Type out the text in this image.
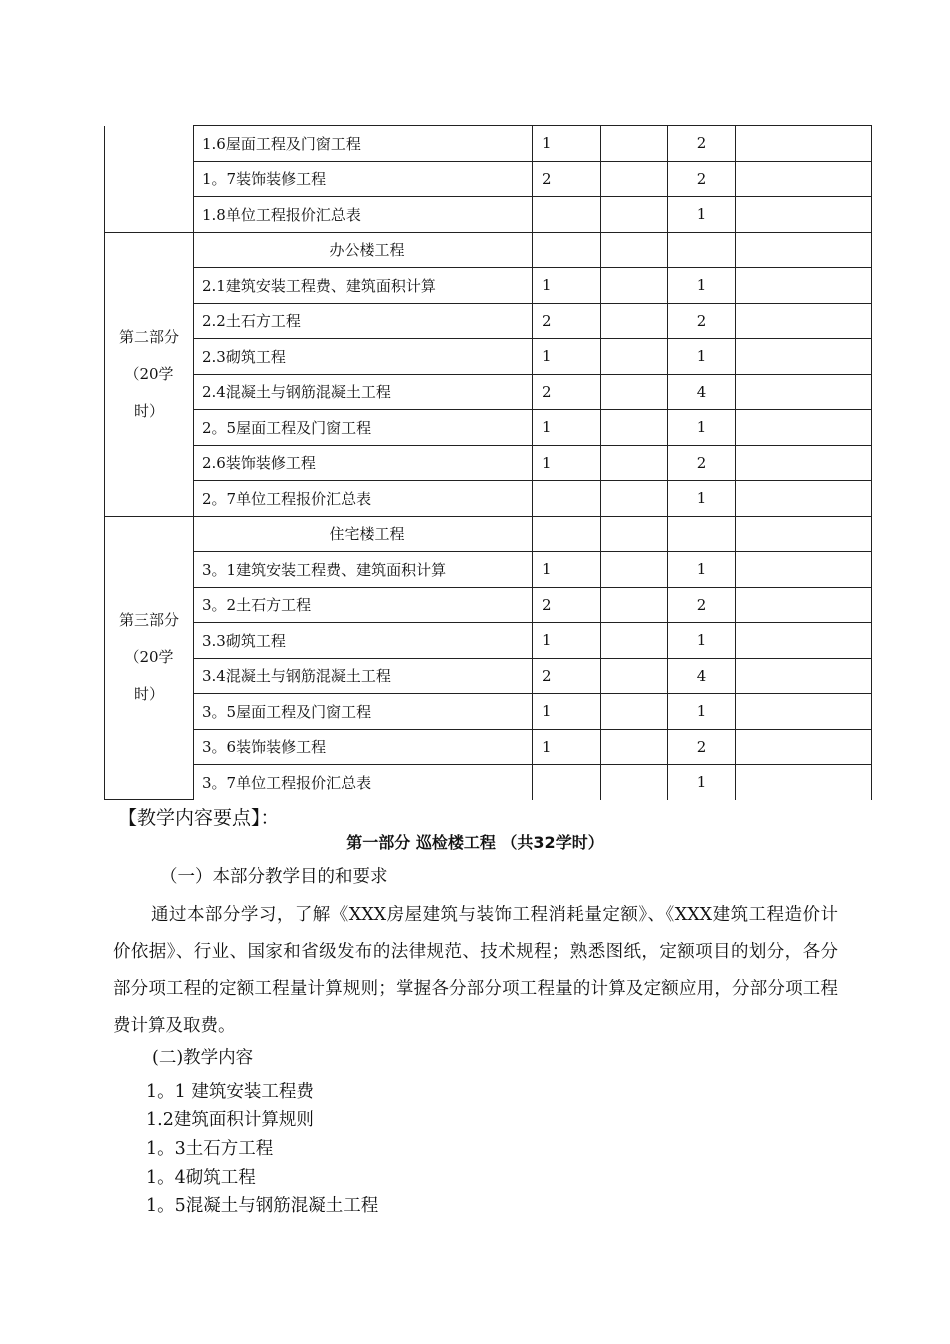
	1.6屋面工程及门窗工程	1		2	
	1。7装饰装修工程	2		2	
	1.8单位工程报价汇总表			1	

第二部分
（20学
时）	办公楼工程				
	2.1建筑安装工程费、建筑面积计算	1		1	
	2.2土石方工程	2		2	
	2.3砌筑工程	1		1	
	2.4混凝土与钢筋混凝土工程	2		4	
	2。5屋面工程及门窗工程	1		1	
	2.6装饰装修工程	1		2	
	2。7单位工程报价汇总表			1	

第三部分
（20学
时）	住宅楼工程				
	3。1建筑安装工程费、建筑面积计算	1		1	
	3。2土石方工程	2		2	
	3.3砌筑工程	1		1	
	3.4混凝土与钢筋混凝土工程	2		4	
	3。5屋面工程及门窗工程	1		1	
	3。6装饰装修工程	1		2	
	3。7单位工程报价汇总表			1	
【教学内容要点】：
第一部分 巡检楼工程 （共32学时）
（一）本部分教学目的和要求
通过本部分学习，了解《XXX房屋建筑与装饰工程消耗量定额》、《XXX建筑工程造价计价依据》、行业、国家和省级发布的法律规范、技术规程；熟悉图纸，定额项目的划分，各分部分项工程的定额工程量计算规则；掌握各分部分项工程量的计算及定额应用，分部分项工程费计算及取费。
(二)教学内容
1。1 建筑安装工程费
1.2建筑面积计算规则
1。3土石方工程
1。4砌筑工程
1。5混凝土与钢筋混凝土工程
